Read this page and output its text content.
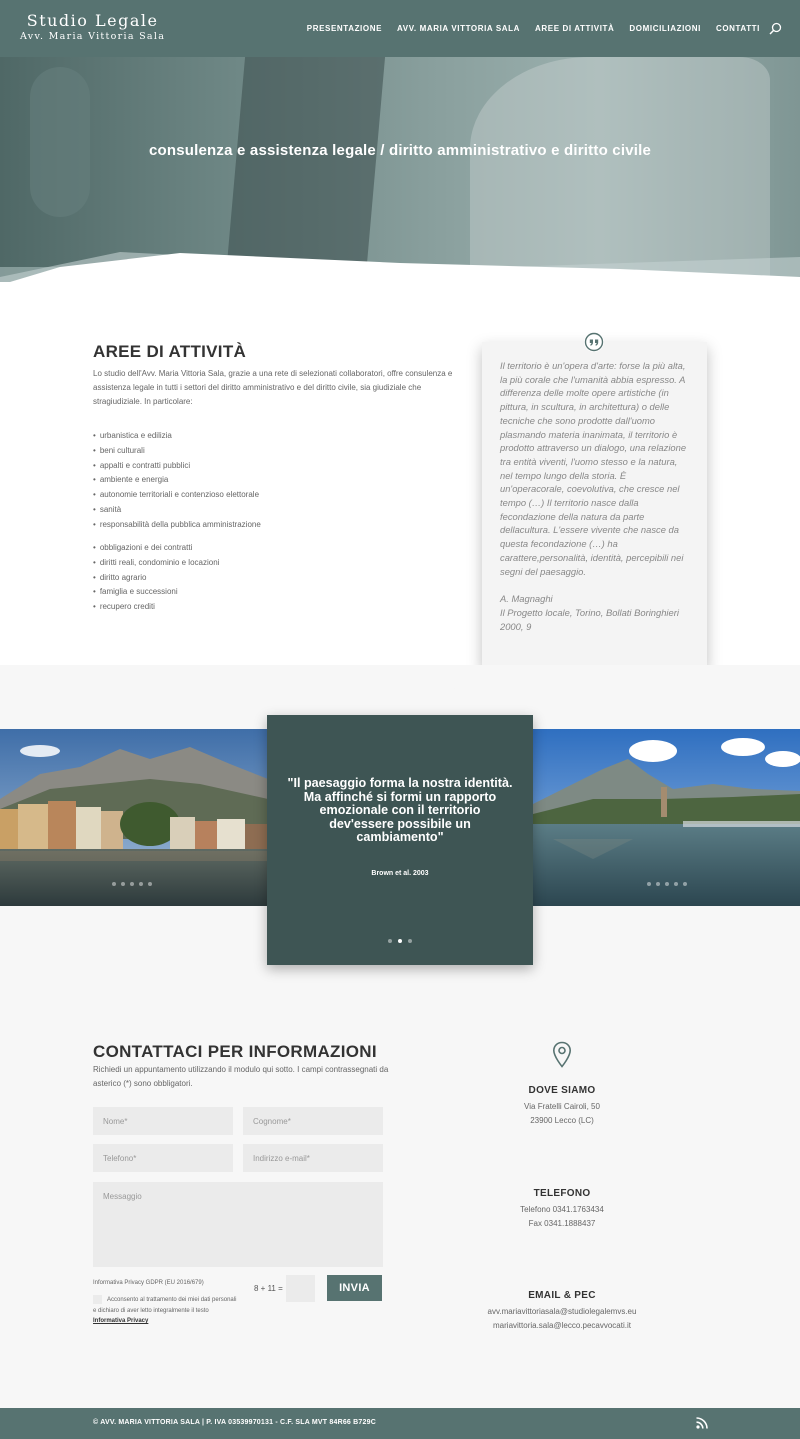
Studio Legale
Avv. Maria Vittoria Sala
PRESENTAZIONE AVV. MARIA VITTORIA SALA AREE DI ATTIVITÀ DOMICILIAZIONI CONTATTI
consulenza e assistenza legale / diritto amministrativo e diritto civile
AREE DI ATTIVITÀ

Lo studio dell'Avv. Maria Vittoria Sala, grazie a una rete di selezionati collaboratori, offre consulenza e assistenza legale in tutti i settori del diritto amministrativo e del diritto civile, sia giudiziale che stragiudiziale. In particolare:

• urbanistica e edilizia
• beni culturali
• appalti e contratti pubblici
• ambiente e energia
• autonomie territoriali e contenzioso elettorale
• sanità
• responsabilità della pubblica amministrazione
• obbligazioni e dei contratti
• diritti reali, condominio e locazioni
• diritto agrario
• famiglia e successioni
• recupero crediti

Il territorio è un'opera d'arte: forse la più alta, la più corale che l'umanità abbia espresso. A differenza delle molte opere artistiche (in pittura, in scultura, in architettura) o delle tecniche che sono prodotte dall'uomo plasmando materia inanimata, il territorio è prodotto attraverso un dialogo, una relazione tra entità viventi, l'uomo stesso e la natura, nel tempo lungo della storia. È un'operacorale, coevolutiva, che cresce nel tempo (…) Il territorio nasce dalla fecondazione della natura da parte dellacultura. L'essere vivente che nasce da questa fecondazione (…) ha carattere,personalità, identità, percepibili nei segni del paesaggio.

A. Magnaghi
Il Progetto locale, Torino, Bollati Boringhieri 2000, 9

"Il paesaggio forma la nostra identità. Ma affinché si formi un rapporto emozionale con il territorio dev'essere possibile un cambiamento"

Brown et al. 2003

CONTATTACI PER INFORMAZIONI

Richiedi un appuntamento utilizzando il modulo qui sotto. I campi contrassegnati da asterico (*) sono obbligatori.

Nome*
Cognome*
Telefono*
Indirizzo e-mail*
Messaggio
Informativa Privacy GDPR (EU 2016/679)
Acconsento al trattamento dei miei dati personali e dichiaro di aver letto integralmente il testo Informativa Privacy
8 + 11 =	INVIA
DOVE SIAMO
Via Fratelli Cairoli, 50
23900 Lecco (LC)
TELEFONO
Telefono 0341.1763434
Fax 0341.1888437
EMAIL & PEC
avv.mariavittoriasala@studiolegalemvs.eu
mariavittoria.sala@lecco.pecavvocati.it
© AVV. MARIA VITTORIA SALA | P. IVA 03539970131 - C.F. SLA MVT 84R66 B729C
